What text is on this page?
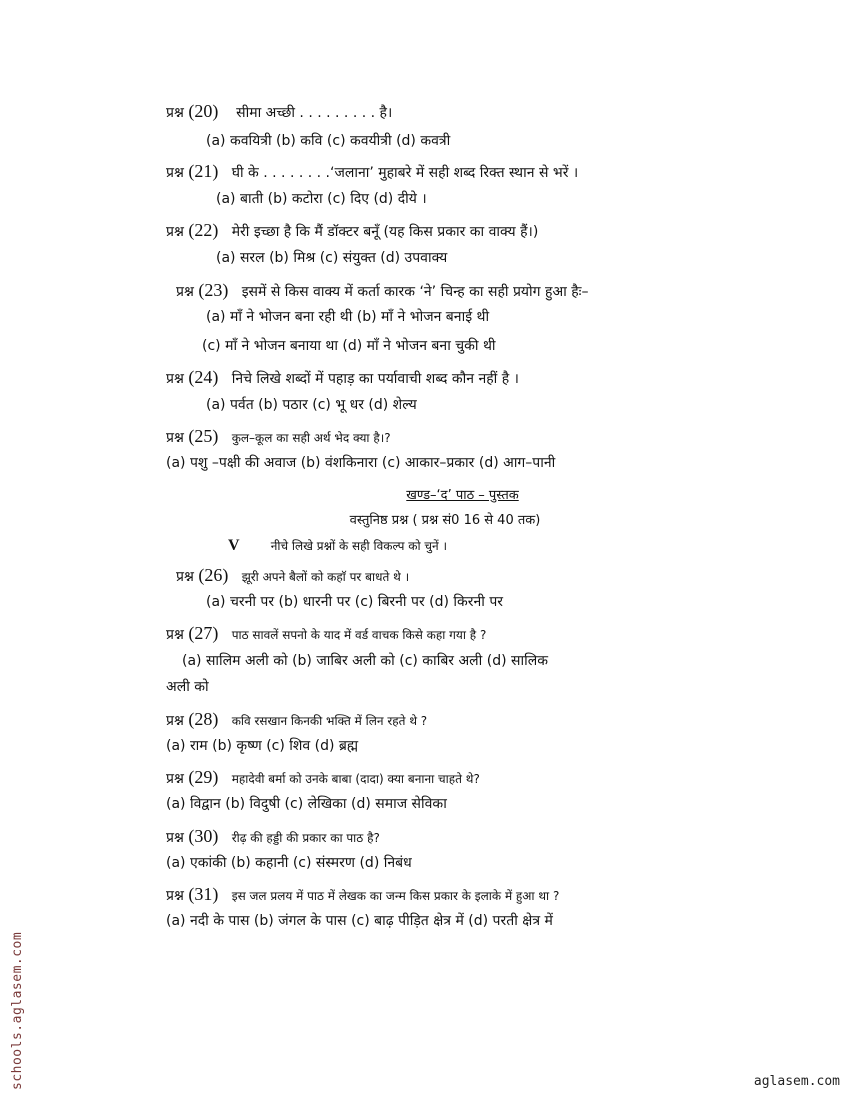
प्रश्न (20) सीमा अच्छी . . . . . . . . . है।
(a) कवयित्री (b) कवि (c) कवयीत्री (d) कवत्री
प्रश्न (21) घी के . . . . . . . .‘जलाना’ मुहाबरे में सही शब्द रिक्त स्थान से भरें ।
(a) बाती (b) कटोरा (c) दिए (d) दीये ।
प्रश्न (22) मेरी इच्छा है कि मैं डॉक्टर बनूँ (यह किस प्रकार का वाक्य हैं।)
(a) सरल (b) मिश्र (c) संयुक्त (d) उपवाक्य
प्रश्न (23) इसमें से किस वाक्य में कर्ता कारक ‘ने’ चिन्ह का सही प्रयोग हुआ हैः–
(a) माँ ने भोजन बना रही थी (b) माँ ने भोजन बनाई थी
(c) माँ ने भोजन बनाया था (d) माँ ने भोजन बना चुकी थी
प्रश्न (24) निचे लिखे शब्दों में पहाड़ का पर्यावाची शब्द कौन नहीं है ।
(a) पर्वत (b) पठार (c) भू धर (d) शेल्य
प्रश्न (25) कुल–कूल का सही अर्थ भेद क्या है।?
(a) पशु –पक्षी की अवाज (b) वंशकिनारा (c) आकार–प्रकार (d) आग–पानी
खण्ड–‘द’ पाठ – पुस्तक
वस्तुनिष्ठ प्रश्न ( प्रश्न सं0 16 से 40 तक)
V	नीचे लिखे प्रश्नों के सही विकल्प को चुनें ।
प्रश्न (26) झूरी अपने बैलों को कहाॅ पर बाधते थे ।
(a) चरनी पर (b) धारनी पर (c) बिरनी पर (d) किरनी पर
प्रश्न (27) पाठ सावलें सपनो के याद में वर्ड वाचक किसे कहा गया है ?
(a) सालिम अली को (b) जाबिर अली को (c) काबिर अली (d) सालिक
अली को
प्रश्न (28) कवि रसखान किनकी भक्ति में लिन रहते थे ?
(a) राम (b) कृष्ण (c) शिव (d) ब्रह्म
प्रश्न (29) महादेवी बर्मा को उनके बाबा (दादा) क्या बनाना चाहते थे?
(a) विद्वान (b) विदुषी (c) लेखिका (d) समाज सेविका
प्रश्न (30) रीढ़ की हड्डी की प्रकार का पाठ है?
(a) एकांकी (b) कहानी (c) संस्मरण (d) निबंध
प्रश्न (31) इस जल प्रलय में पाठ में लेखक का जन्म किस प्रकार के इलाके में हुआ था ?
(a) नदी के पास (b) जंगल के पास (c) बाढ़ पीड़ित क्षेत्र में (d) परती क्षेत्र में
schools.aglasem.com	aglasem.com
